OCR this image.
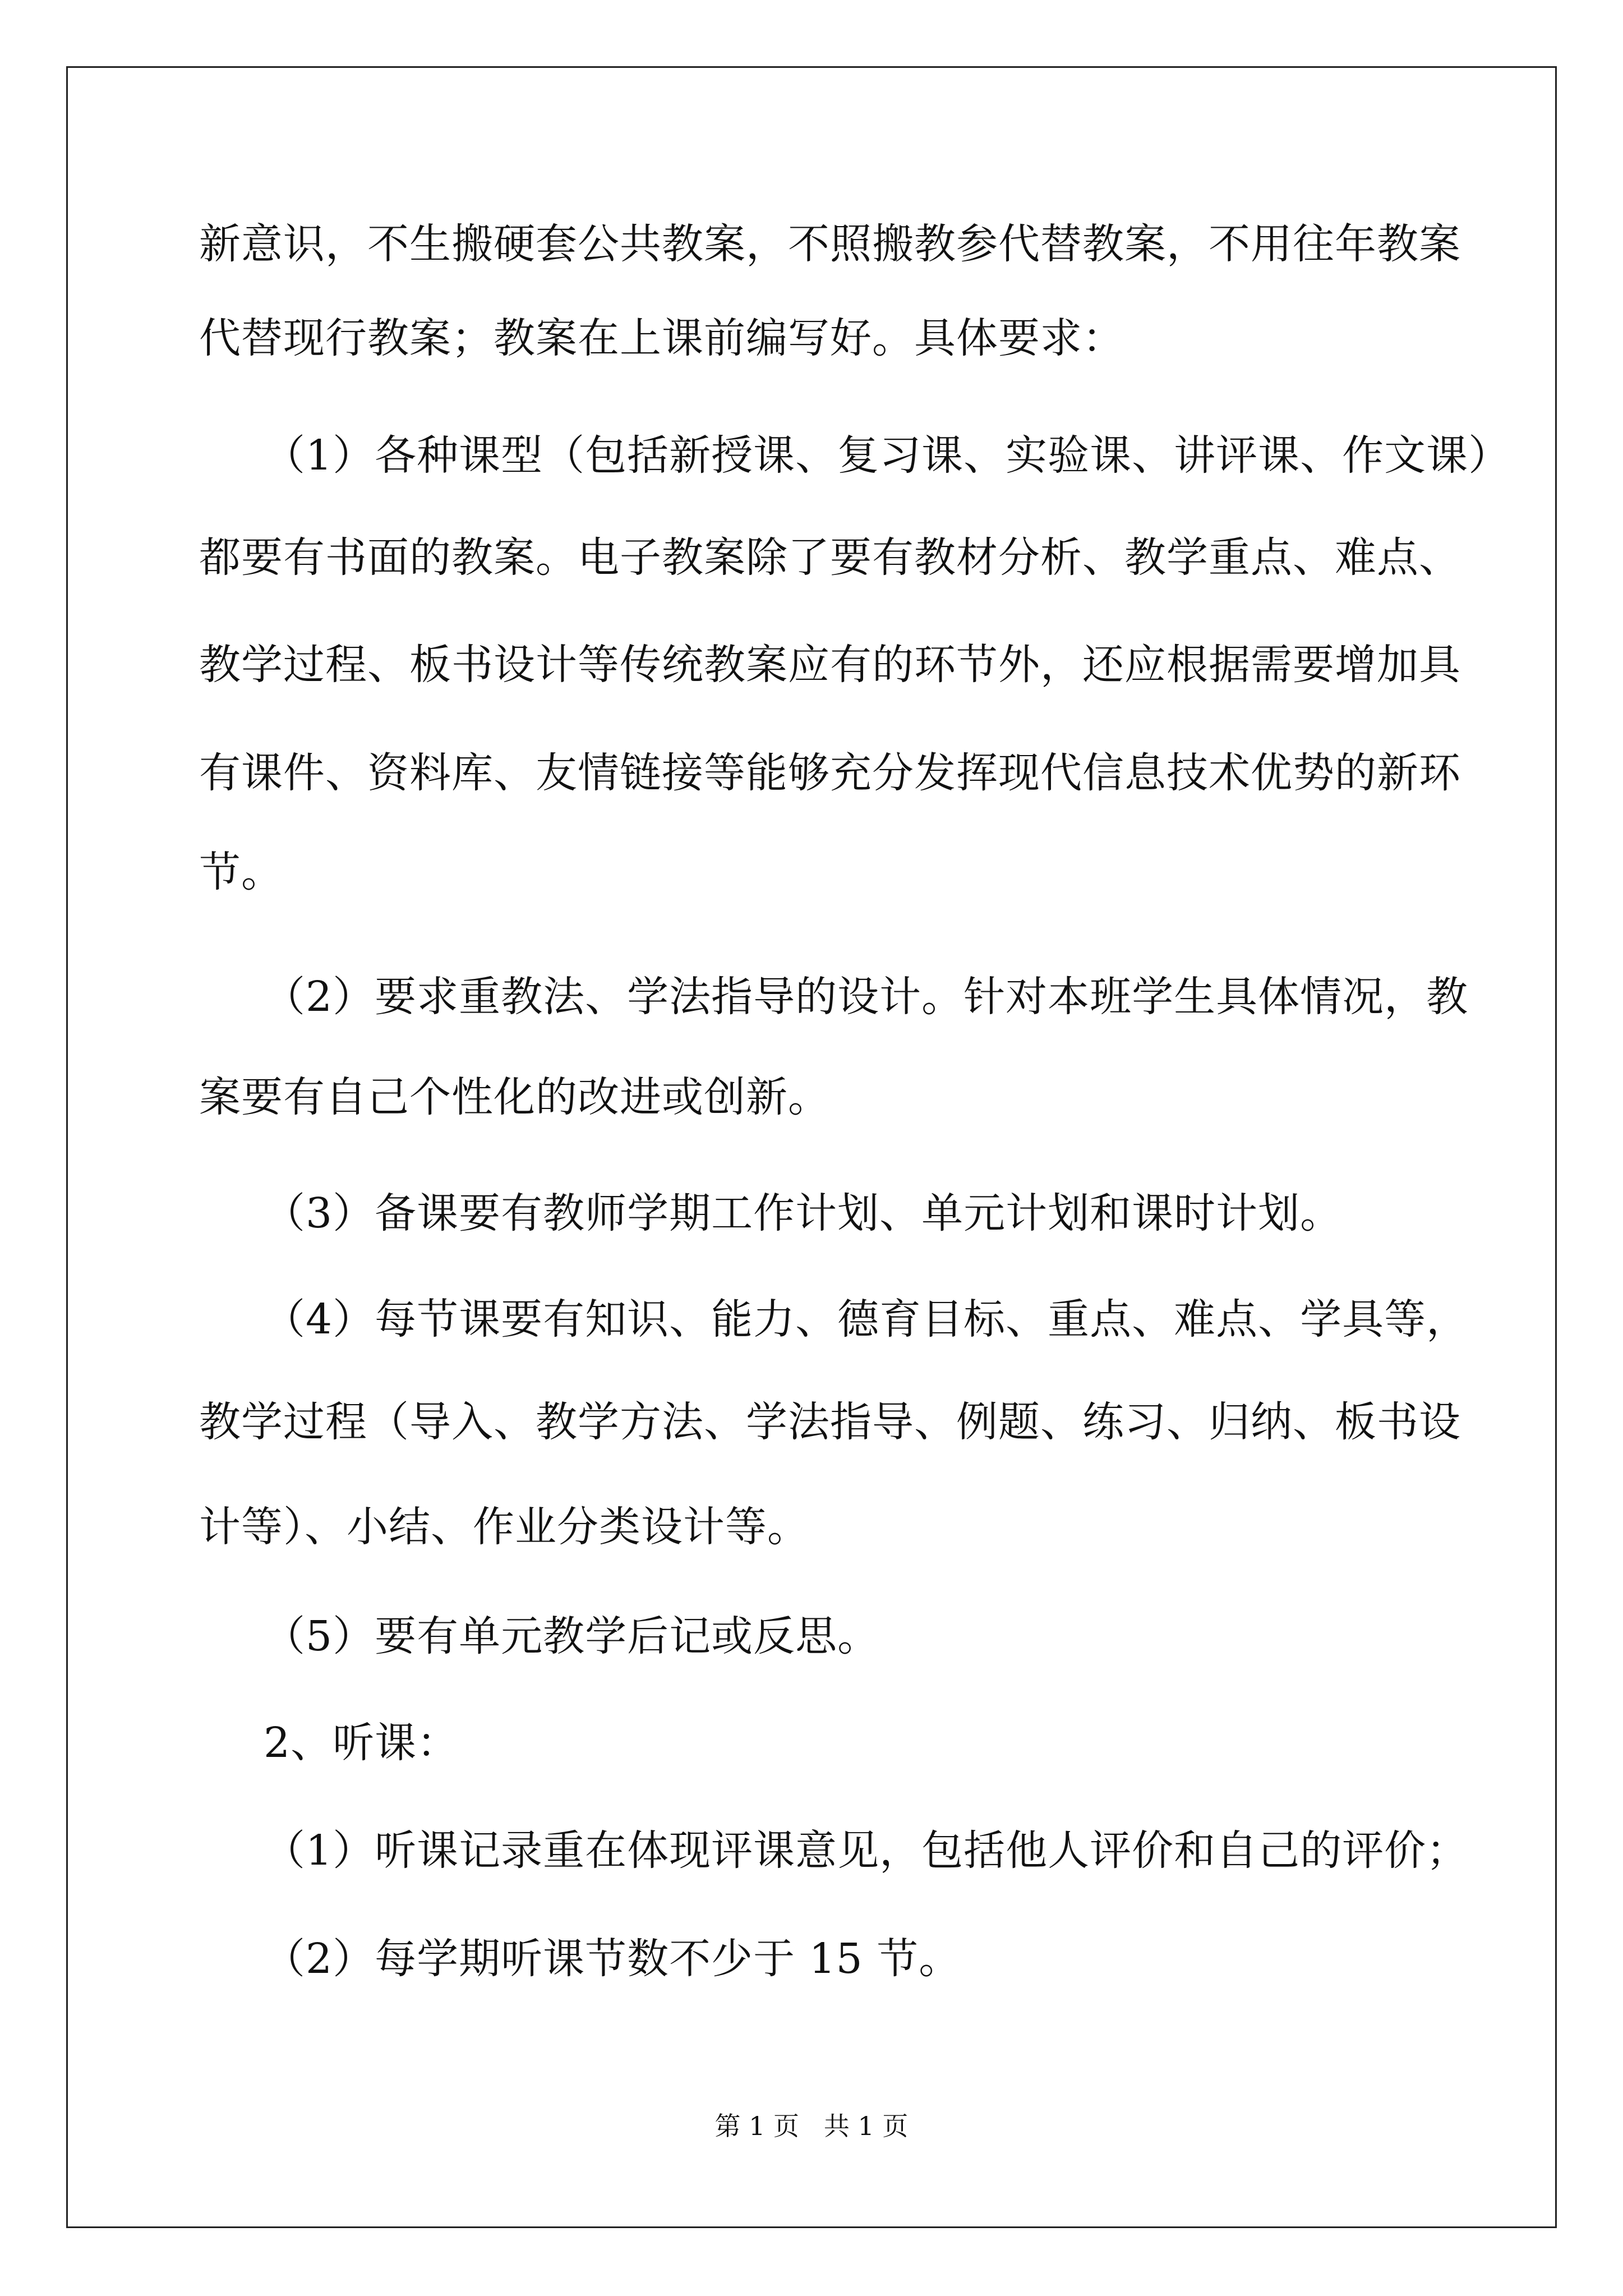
新意识，不生搬硬套公共教案，不照搬教参代替教案，不用往年教案
代替现行教案；教案在上课前编写好。具体要求：
（1）各种课型（包括新授课、复习课、实验课、讲评课、作文课）
都要有书面的教案。电子教案除了要有教材分析、教学重点、难点、
教学过程、板书设计等传统教案应有的环节外，还应根据需要增加具
有课件、资料库、友情链接等能够充分发挥现代信息技术优势的新环
节。
（2）要求重教法、学法指导的设计。针对本班学生具体情况，教
案要有自己个性化的改进或创新。
（3）备课要有教师学期工作计划、单元计划和课时计划。
（4）每节课要有知识、能力、德育目标、重点、难点、学具等，
教学过程（导入、教学方法、学法指导、例题、练习、归纳、板书设
计等）、小结、作业分类设计等。
（5）要有单元教学后记或反思。
2、听课：
（1）听课记录重在体现评课意见，包括他人评价和自己的评价；
（2）每学期听课节数不少于 15 节。
第 1 页   共 1 页
